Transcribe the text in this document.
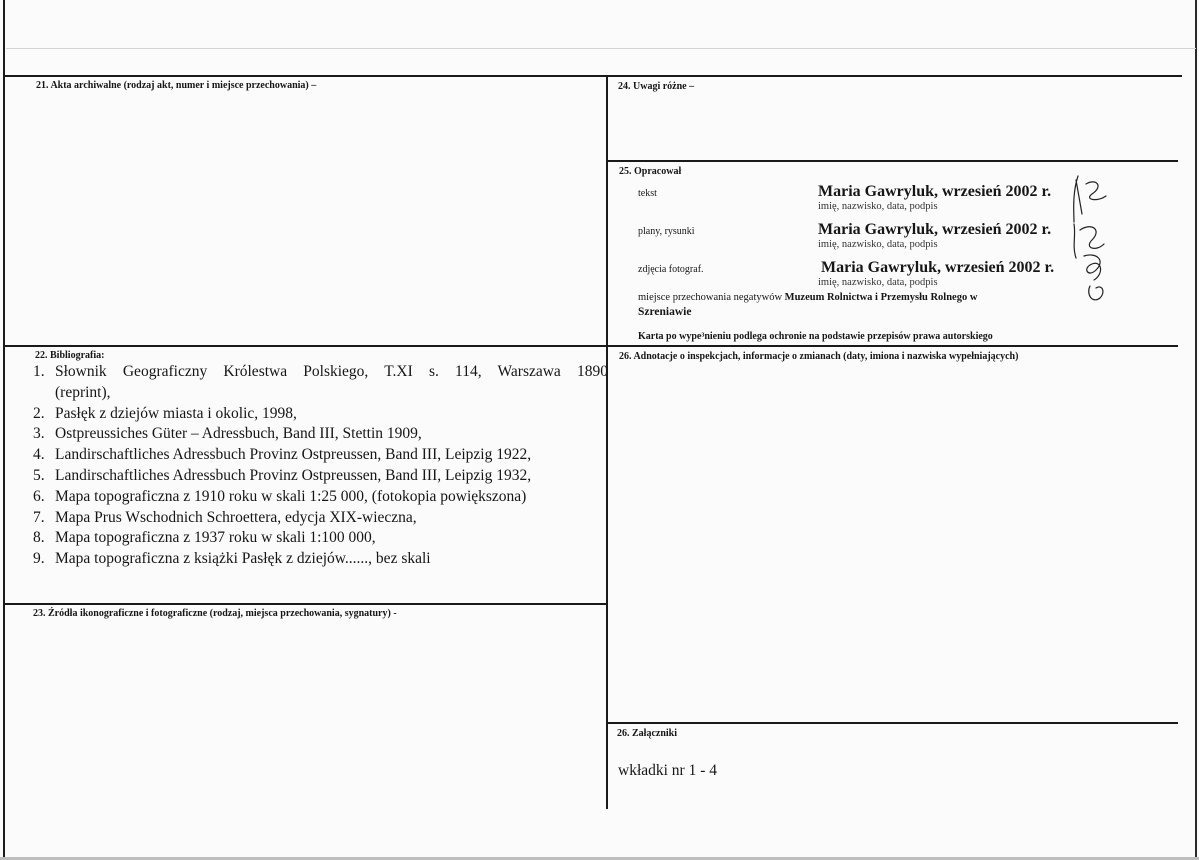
21. Akta archiwalne (rodzaj akt, numer i miejsce przechowania) –	24. Uwagi różne –
25. Opracował
tekst	Maria Gawryluk, wrzesień 2002 r.
imię, nazwisko, data, podpis
plany, rysunki	Maria Gawryluk, wrzesień 2002 r.
imię, nazwisko, data, podpis
zdjęcia fotograf.	Maria Gawryluk, wrzesień 2002 r.
imię, nazwisko, data, podpis
miejsce przechowania negatywów Muzeum Rolnictwa i Przemysłu Rolnego w
Szreniawie
Karta po wype³nieniu podlega ochronie na podstawie przepisów prawa autorskiego
22. Bibliografia:
1. Słownik Geograficzny Królestwa Polskiego, T.XI s. 114, Warszawa 1890
(reprint),
2. Pasłęk z dziejów miasta i okolic, 1998,
3. Ostpreussiches Güter – Adressbuch, Band III, Stettin 1909,
4. Landirschaftliches Adressbuch Provinz Ostpreussen, Band III, Leipzig 1922,
5. Landirschaftliches Adressbuch Provinz Ostpreussen, Band III, Leipzig 1932,
6. Mapa topograficzna z 1910 roku w skali 1:25 000, (fotokopia powiększona)
7. Mapa Prus Wschodnich Schroettera, edycja XIX-wieczna,
8. Mapa topograficzna z 1937 roku w skali 1:100 000,
9. Mapa topograficzna z książki Pasłęk z dziejów......, bez skali
26. Adnotacje o inspekcjach, informacje o zmianach (daty, imiona i nazwiska wypełniających)
23. Źródła ikonograficzne i fotograficzne (rodzaj, miejsca przechowania, sygnatury) -
26. Załączniki
wkładki nr 1 - 4
